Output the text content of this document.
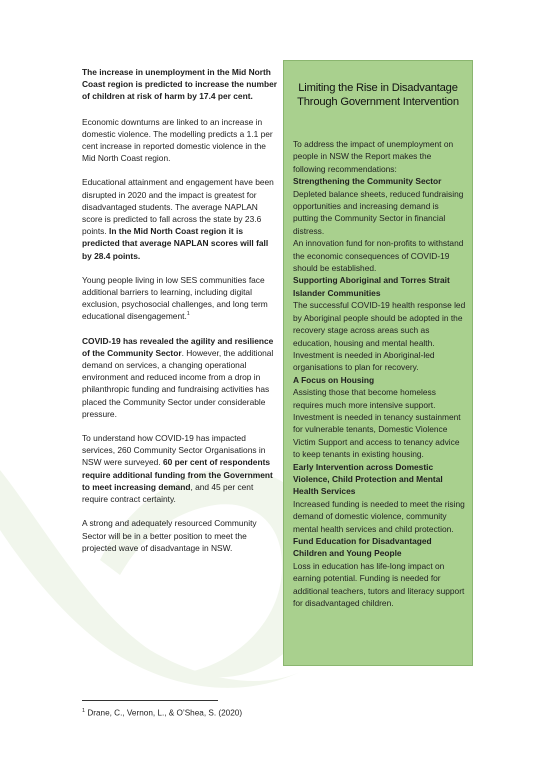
The increase in unemployment in the Mid North Coast region is predicted to increase the number of children at risk of harm by 17.4 per cent.

Economic downturns are linked to an increase in domestic violence. The modelling predicts a 1.1 per cent increase in reported domestic violence in the Mid North Coast region.

Educational attainment and engagement have been disrupted in 2020 and the impact is greatest for disadvantaged students. The average NAPLAN score is predicted to fall across the state by 23.6 points. In the Mid North Coast region it is predicted that average NAPLAN scores will fall by 28.4 points.

Young people living in low SES communities face additional barriers to learning, including digital exclusion, psychosocial challenges, and long term educational disengagement.$^1$

COVID-19 has revealed the agility and resilience of the Community Sector. However, the additional demand on services, a changing operational environment and reduced income from a drop in philanthropic funding and fundraising activities has placed the Community Sector under considerable pressure.

To understand how COVID-19 has impacted services, 260 Community Sector Organisations in NSW were surveyed. 60 per cent of respondents require additional funding from the Government to meet increasing demand, and 45 per cent require contract certainty.

A strong and adequately resourced Community Sector will be in a better position to meet the projected wave of disadvantage in NSW.

Limiting the Rise in Disadvantage Through Government Intervention

To address the impact of unemployment on people in NSW the Report makes the following recommendations:

Strengthening the Community Sector

Depleted balance sheets, reduced fundraising opportunities and increasing demand is putting the Community Sector in financial distress.

An innovation fund for non-profits to withstand the economic consequences of COVID-19 should be established.

Supporting Aboriginal and Torres Strait Islander Communities

The successful COVID-19 health response led by Aboriginal people should be adopted in the recovery stage across areas such as education, housing and mental health. Investment is needed in Aboriginal-led organisations to plan for recovery.

A Focus on Housing

Assisting those that become homeless requires much more intensive support. Investment is needed in tenancy sustainment for vulnerable tenants, Domestic Violence Victim Support and access to tenancy advice to keep tenants in existing housing.

Early Intervention across Domestic Violence, Child Protection and Mental Health Services

Increased funding is needed to meet the rising demand of domestic violence, community mental health services and child protection.

Fund Education for Disadvantaged Children and Young People

Loss in education has life-long impact on earning potential. Funding is needed for additional teachers, tutors and literacy support for disadvantaged children.

$^1$ Drane, C., Vernon, L., & O’Shea, S. (2020)
